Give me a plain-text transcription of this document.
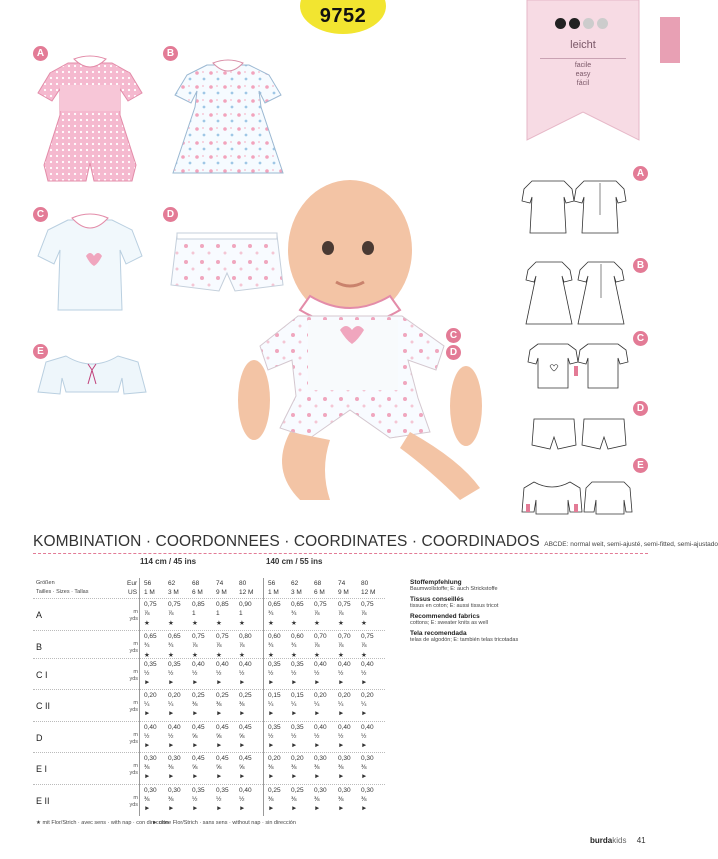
9752
leicht
facile
easy
fácil
A	B
C	D
E
C
D
A
B
C
D
E
KOMBINATION · COORDONNEES · COORDINATES · COORDINADOS ABCDE: normal weit, semi-ajusté, semi-fitted, semi-ajustado
114 cm / 45 ins	140 cm / 55 ins
Größen
Tailles · Sizes · Tallas
Eur
US
56	62	68	74	80	56	62	68	74	80
1 M	3 M	6 M	9 M	12 M	1 M	3 M	6 M	9 M	12 M
A	m
yds
0,75	0,75	0,85	0,85	0,90	0,65	0,65	0,75	0,75	0,75
⅞	⅞	1	1	1	¾	¾	⅞	⅞	⅞
★	★	★	★	★	★	★	★	★	★
B	m
yds
0,65	0,65	0,75	0,75	0,80	0,60	0,60	0,70	0,70	0,75
¾	¾	⅞	⅞	⅞	¾	¾	⅞	⅞	⅞
★	★	★	★	★	★	★	★	★	★
C I	m
yds
0,35	0,35	0,40	0,40	0,40	0,35	0,35	0,40	0,40	0,40
½	½	½	½	½	½	½	½	½	½
►	►	►	►	►	►	►	►	►	►
C II	m
yds
0,20	0,20	0,25	0,25	0,25	0,15	0,15	0,20	0,20	0,20
¼	¼	⅜	⅜	⅜	¼	¼	¼	¼	¼
►	►	►	►	►	►	►	►	►	►
D	m
yds
0,40	0,40	0,45	0,45	0,45	0,35	0,35	0,40	0,40	0,40
½	½	⅝	⅝	⅝	½	½	½	½	½
►	►	►	►	►	►	►	►	►	►
E I	m
yds
0,30	0,30	0,45	0,45	0,45	0,20	0,20	0,30	0,30	0,30
⅜	⅜	⅝	⅝	⅝	⅜	⅜	⅜	⅜	⅜
►	►	►	►	►	►	►	►	►	►
E II	m
yds
0,30	0,30	0,35	0,35	0,40	0,25	0,25	0,30	0,30	0,30
⅜	⅜	½	½	½	⅜	⅜	⅜	⅜	⅜
►	►	►	►	►	►	►	►	►	►
★ mit Flor/Strich · avec sens · with nap · con dirección
► ohne Flor/Strich · sans sens · without nap · sin dirección
Stoffempfehlung
Baumwollstoffe; E: auch Strickstoffe
Tissus conseillés
tissus en coton; E: aussi tissus tricot
Recommended fabrics
cottons; E: sweater knits as well
Tela recomendada
telas de algodón; E: también telas tricotadas
burdakids 41
